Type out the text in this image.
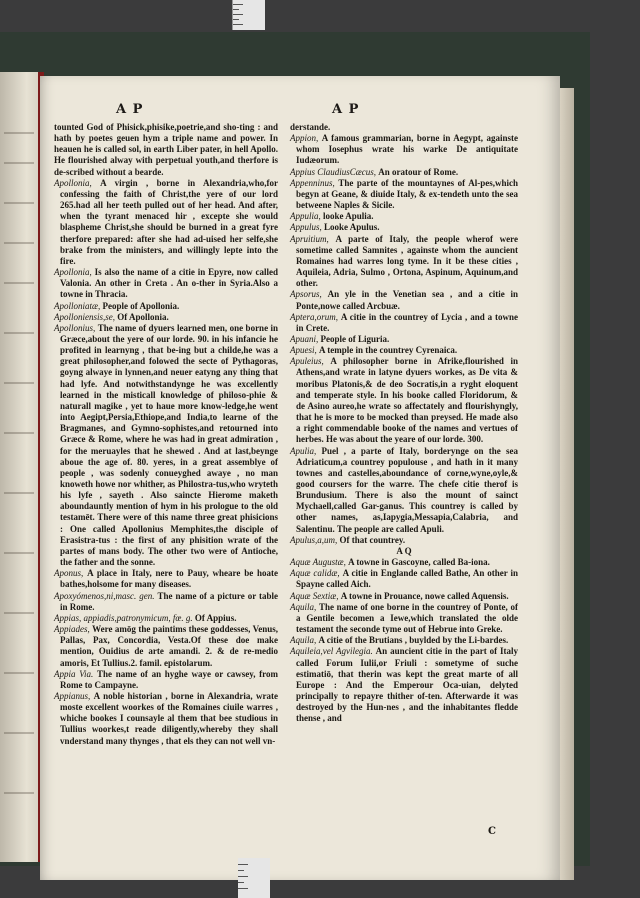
A P	A P

tounted God of Phisick,phisike,poetrie,and sho-ting : and hath by poetes geuen hym a triple name and power. In heauen he is called sol, in earth Liber pater, in hell Apollo. He flourished alway with perpetual youth,and therfore is de-scribed without a bearde.

Apollonia, A virgin , borne in Alexandria,who,for confessing the faith of Christ,the yere of our lord 265.had all her teeth pulled out of her head. And after, when the tyrant menaced hir , excepte she would blaspheme Christ,she should be burned in a great fyre therfore prepared: after she had ad-uised her selfe,she brake from the ministers, and willingly lepte into the fire.

Apollonia, Is also the name of a citie in Epyre, now called Valonia. An other in Creta . An o-ther in Syria.Also a towne in Thracia.

Apolloniatæ, People of Apollonia.

Apolloniensis,se, Of Apollonia.

Apollonius, The name of dyuers learned men, one borne in Græce,about the yere of our lorde. 90. in his infancie he profited in learnyng , that be-ing but a childe,he was a great philosopher,and folowed the secte of Pythagoras, goyng alwaye in lynnen,and neuer eatyng any thing that had lyfe. And notwithstandynge he was excellently learned in the misticall knowledge of philoso-phie & naturall magike , yet to haue more know-ledge,he went into Aegipt,Persia,Ethiope,and India,to learne of the Bragmanes, and Gymno-sophistes,and retourned into Græce & Rome, where he was had in great admiration , for the meruayles that he shewed . And at last,beynge aboue the age of. 80. yeres, in a great assemblye of people , was sodenly conueyghed awaye , no man knoweth howe nor whither, as Philostra-tus,who wryteth his lyfe , sayeth . Also saincte Hierome maketh aboundauntly mention of hym in his prologue to the old testamēt. There were of this name three great phisicions : One called Apollonius Memphites,the disciple of Erasistra-tus : the first of any phisition wrate of the partes of mans body. The other two were of Antioche, the father and the sonne.

Aponus, A place in Italy, nere to Pauy, wheare be hoate bathes,holsome for many diseases.

Apoxyómenos,ni,masc. gen. The name of a picture or table in Rome.

Appias, appiadis,patronymicum, fœ. g. Of Appius.

Appiades, Were amōg the paintims these goddesses, Venus, Pallas, Pax, Concordia, Vesta.Of these doe make mention, Ouidius de arte amandi. 2. & de re-medio amoris, Et Tullius.2. famil. epistolarum.

Appia Via. The name of an hyghe waye or cawsey, from Rome to Campayne.

Appianus, A noble historian , borne in Alexandria, wrate moste excellent woorkes of the Romaines ciuile warres , whiche bookes I counsayle al them that bee studious in Tullius woorkes,t reade diligently,whereby they shall vnderstand many thynges , that els they can not well vn-

derstande.

Appion, A famous grammarian, borne in Aegypt, againste whom Iosephus wrate his warke De antiquitate Iudæorum.

Appius ClaudiusCæcus, An oratour of Rome.

Appenninus, The parte of the mountaynes of Al-pes,which begyn at Geane, & diuide Italy, & ex-tendeth unto the sea betweene Naples & Sicile.

Appulia, looke Apulia.

Appulus, Looke Apulus.

Apruitium, A parte of Italy, the people wherof were sometime called Samnites , againste whom the auncient Romaines had warres long tyme. In it be these cities , Aquileia, Adria, Sulmo , Ortona, Aspinum, Aquinum,and other.

Apsorus, An yle in the Venetian sea , and a citie in Ponte,nowe called Arcbuæ.

Aptera,orum, A citie in the countrey of Lycia , and a towne in Crete.

Apuani, People of Liguria.

Apuesi, A temple in the countrey Cyrenaica.

Apuleius, A philosopher borne in Afrike,flourished in Athens,and wrate in latyne dyuers workes, as De vita & moribus Platonis,& de deo Socratis,in a ryght eloquent and temperate style. In his booke called Floridorum, & de Asino aureo,he wrate so affectately and flourishyngly, that he is more to be mocked than preysed. He made also a right commendable booke of the names and vertues of herbes. He was about the yeare of our lorde. 300.

Apulia, Puel , a parte of Italy, borderynge on the sea Adriaticum,a countrey populouse , and hath in it many townes and castelles,aboundance of corne,wyne,oyle,& good coursers for the warre. The chefe citie therof is Brundusium. There is also the mount of sainct Mychaell,called Gar-ganus. This countrey is called by other names, as,Iapygia,Messapia,Calabria, and Salentinu. The people are called Apuli.

Apulus,a,um, Of that countrey.

A Q

Aquæ Augustæ, A towne in Gascoyne, called Ba-iona.

Aquæ calidæ, A citie in Englande called Bathe, An other in Spayne called Aich.

Aquæ Sextiæ, A towne in Prouance, nowe called Aquensis.

Aquila, The name of one borne in the countrey of Ponte, of a Gentile becomen a Iewe,which translated the olde testament the seconde tyme out of Hebrue into Greke.

Aquila, A citie of the Brutians , buylded by the Li-bardes.

Aquileia,vel Agvilegia. An auncient citie in the part of Italy called Forum Iulii,or Friuli : sometyme of suche estimatiō, that therin was kept the great marte of all Europe : And the Emperour Oca-uian, delyted principally to repayre thither of-ten. Afterwarde it was destroyed by the Hun-nes , and the inhabitantes fledde thense , and

C
